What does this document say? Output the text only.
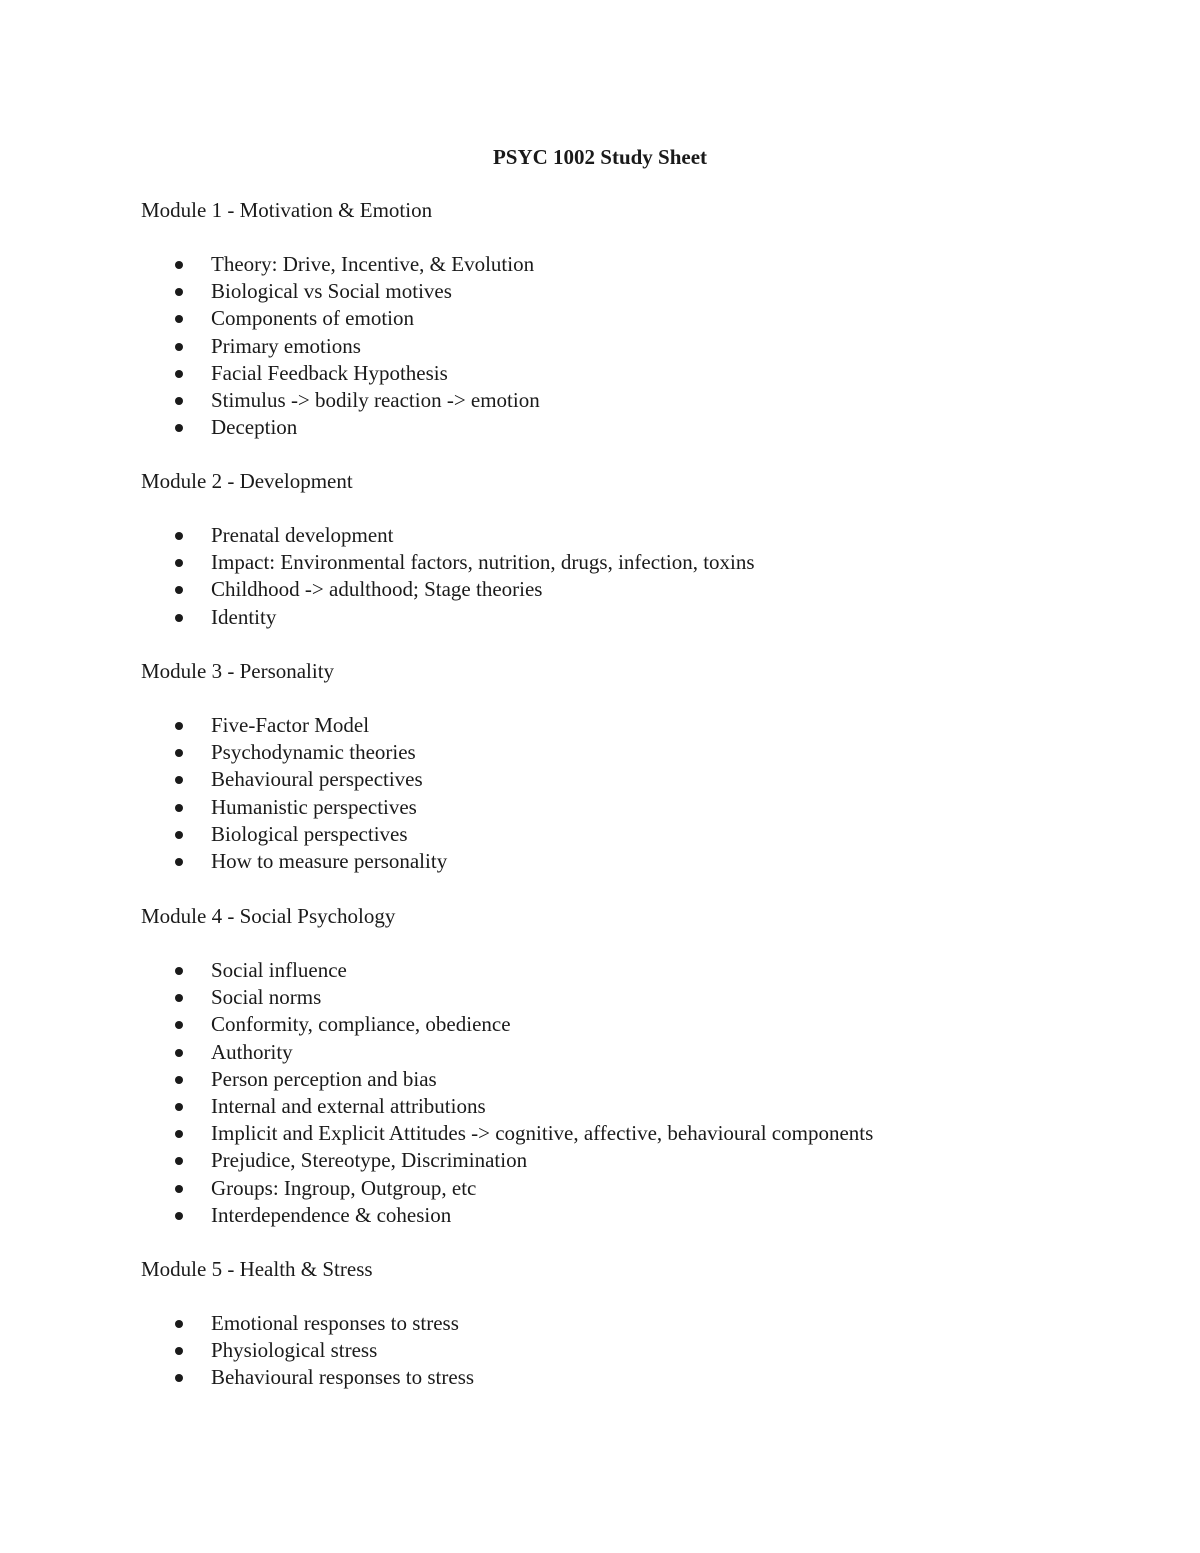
PSYC 1002 Study Sheet
Module 1 - Motivation & Emotion
Theory: Drive, Incentive, & Evolution
Biological vs Social motives
Components of emotion
Primary emotions
Facial Feedback Hypothesis
Stimulus -> bodily reaction -> emotion
Deception
Module 2 - Development
Prenatal development
Impact: Environmental factors, nutrition, drugs, infection, toxins
Childhood -> adulthood; Stage theories
Identity
Module 3 - Personality
Five-Factor Model
Psychodynamic theories
Behavioural perspectives
Humanistic perspectives
Biological perspectives
How to measure personality
Module 4 - Social Psychology
Social influence
Social norms
Conformity, compliance, obedience
Authority
Person perception and bias
Internal and external attributions
Implicit and Explicit Attitudes -> cognitive, affective, behavioural components
Prejudice, Stereotype, Discrimination
Groups: Ingroup, Outgroup, etc
Interdependence & cohesion
Module 5 - Health & Stress
Emotional responses to stress
Physiological stress
Behavioural responses to stress
